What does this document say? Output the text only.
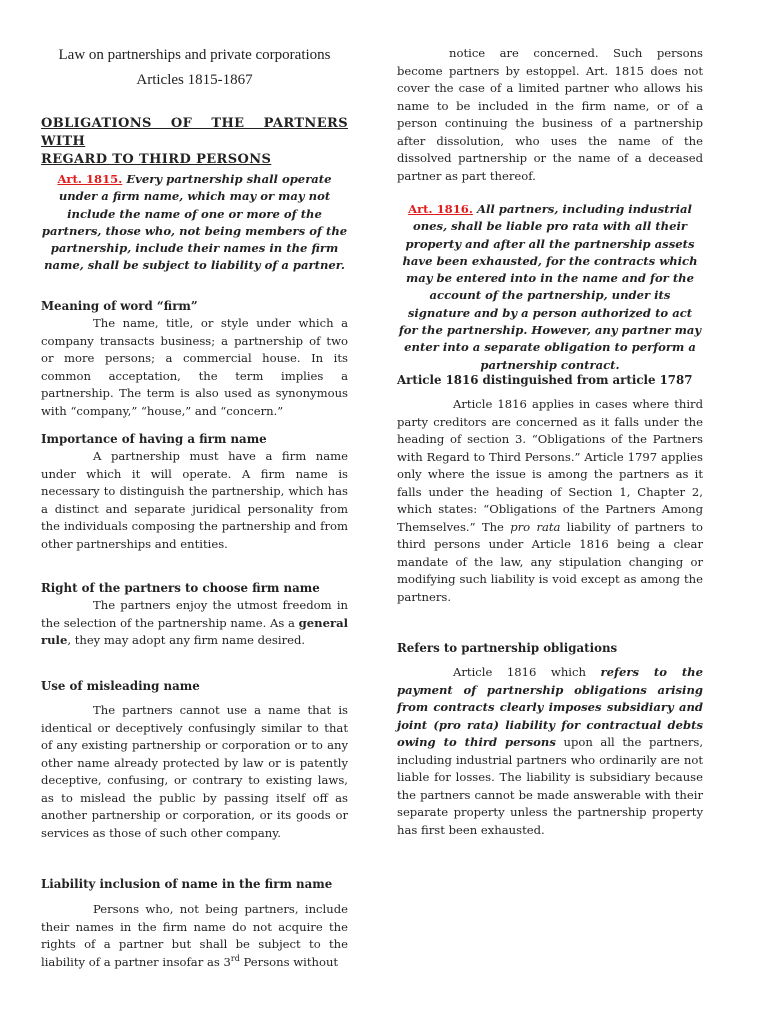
Law on partnerships and private corporations

Articles 1815-1867

OBLIGATIONS OF THE PARTNERS WITH

REGARD TO THIRD PERSONS

Art. 1815. Every partnership shall operate under a firm name, which may or may not include the name of one or more of the partners, those who, not being members of the partnership, include their names in the firm name, shall be subject to liability of a partner.

Meaning of word “firm”

The name, title, or style under which a company transacts business; a partnership of two or more persons; a commercial house. In its common acceptation, the term implies a partnership. The term is also used as synonymous with “company,” “house,” and “concern.”

Importance of having a firm name

A partnership must have a firm name under which it will operate. A firm name is necessary to distinguish the partnership, which has a distinct and separate juridical personality from the individuals composing the partnership and from other partnerships and entities.

Right of the partners to choose firm name

The partners enjoy the utmost freedom in the selection of the partnership name. As a general rule, they may adopt any firm name desired.

Use of misleading name

The partners cannot use a name that is identical or deceptively confusingly similar to that of any existing partnership or corporation or to any other name already protected by law or is patently deceptive, confusing, or contrary to existing laws, as to mislead the public by passing itself off as another partnership or corporation, or its goods or services as those of such other company.

Liability inclusion of name in the firm name

Persons who, not being partners, include their names in the firm name do not acquire the rights of a partner but shall be subject to the liability of a partner insofar as 3rd Persons without

notice are concerned. Such persons become partners by estoppel. Art. 1815 does not cover the case of a limited partner who allows his name to be included in the firm name, or of a person continuing the business of a partnership after dissolution, who uses the name of the dissolved partnership or the name of a deceased partner as part thereof.

Art. 1816. All partners, including industrial ones, shall be liable pro rata with all their property and after all the partnership assets have been exhausted, for the contracts which may be entered into in the name and for the account of the partnership, under its signature and by a person authorized to act for the partnership. However, any partner may enter into a separate obligation to perform a partnership contract.

Article 1816 distinguished from article 1787

Article 1816 applies in cases where third party creditors are concerned as it falls under the heading of section 3. “Obligations of the Partners with Regard to Third Persons.” Article 1797 applies only where the issue is among the partners as it falls under the heading of Section 1, Chapter 2, which states: “Obligations of the Partners Among Themselves.” The pro rata liability of partners to third persons under Article 1816 being a clear mandate of the law, any stipulation changing or modifying such liability is void except as among the partners.

Refers to partnership obligations

Article 1816 which refers to the payment of partnership obligations arising from contracts clearly imposes subsidiary and joint (pro rata) liability for contractual debts owing to third persons upon all the partners, including industrial partners who ordinarily are not liable for losses. The liability is subsidiary because the partners cannot be made answerable with their separate property unless the partnership property has first been exhausted.
